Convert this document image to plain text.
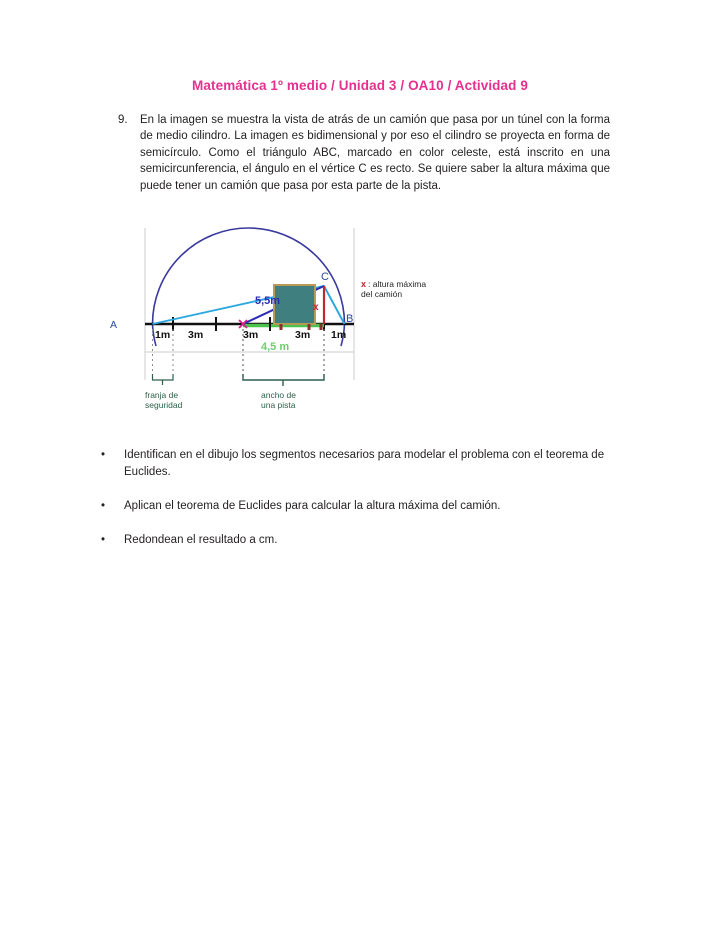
Matemática 1º medio / Unidad 3 / OA10 / Actividad 9
9.	En la imagen se muestra la vista de atrás de un camión que pasa por un túnel con la forma de medio cilindro. La imagen es bidimensional y por eso el cilindro se proyecta en forma de semicírculo. Como el triángulo ABC, marcado en color celeste, está inscrito en una semicircunferencia, el ángulo en el vértice C es recto. Se quiere saber la altura máxima que puede tener un camión que pasa por esta parte de la pista.
C
B
5,5m
x
1m 3m	3m	3m 1m
4,5 m
franja de
seguridad
ancho de
una pista
x : altura máxima
del camión
A
•	Identifican en el dibujo los segmentos necesarios para modelar el problema con el teorema de Euclides.
•	Aplican el teorema de Euclides para calcular la altura máxima del camión.
•	Redondean el resultado a cm.
